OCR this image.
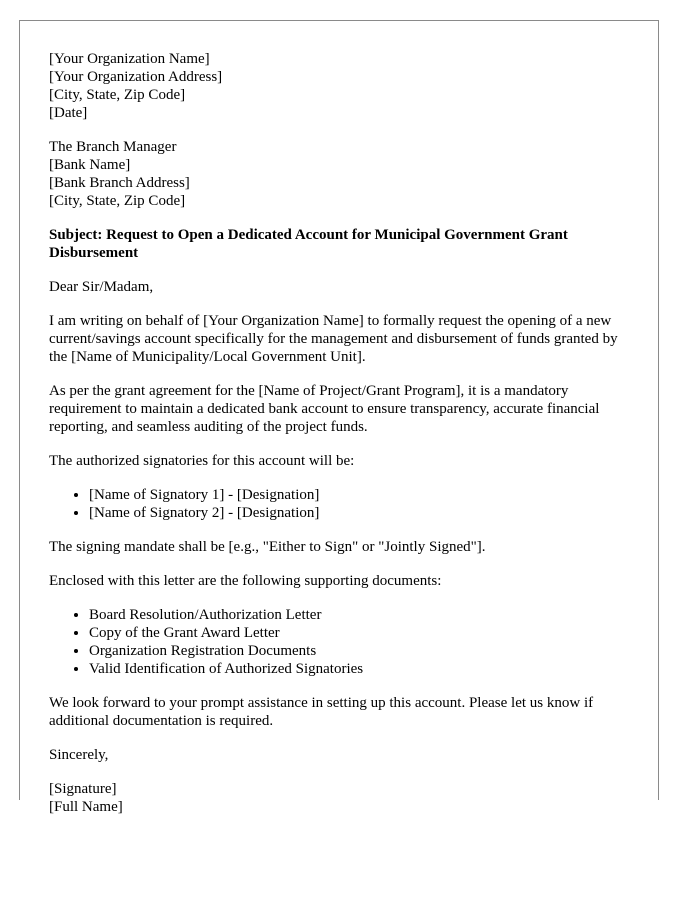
[Your Organization Name]
[Your Organization Address]
[City, State, Zip Code]
[Date]
The Branch Manager
[Bank Name]
[Bank Branch Address]
[City, State, Zip Code]

Subject: Request to Open a Dedicated Account for Municipal Government Grant Disbursement

Dear Sir/Madam,

I am writing on behalf of [Your Organization Name] to formally request the opening of a new current/savings account specifically for the management and disbursement of funds granted by the [Name of Municipality/Local Government Unit].

As per the grant agreement for the [Name of Project/Grant Program], it is a mandatory requirement to maintain a dedicated bank account to ensure transparency, accurate financial reporting, and seamless auditing of the project funds.

The authorized signatories for this account will be:

• [Name of Signatory 1] - [Designation]
• [Name of Signatory 2] - [Designation]

The signing mandate shall be [e.g., "Either to Sign" or "Jointly Signed"].

Enclosed with this letter are the following supporting documents:

• Board Resolution/Authorization Letter
• Copy of the Grant Award Letter
• Organization Registration Documents
• Valid Identification of Authorized Signatories

We look forward to your prompt assistance in setting up this account. Please let us know if additional documentation is required.

Sincerely,

[Signature]
[Full Name]
